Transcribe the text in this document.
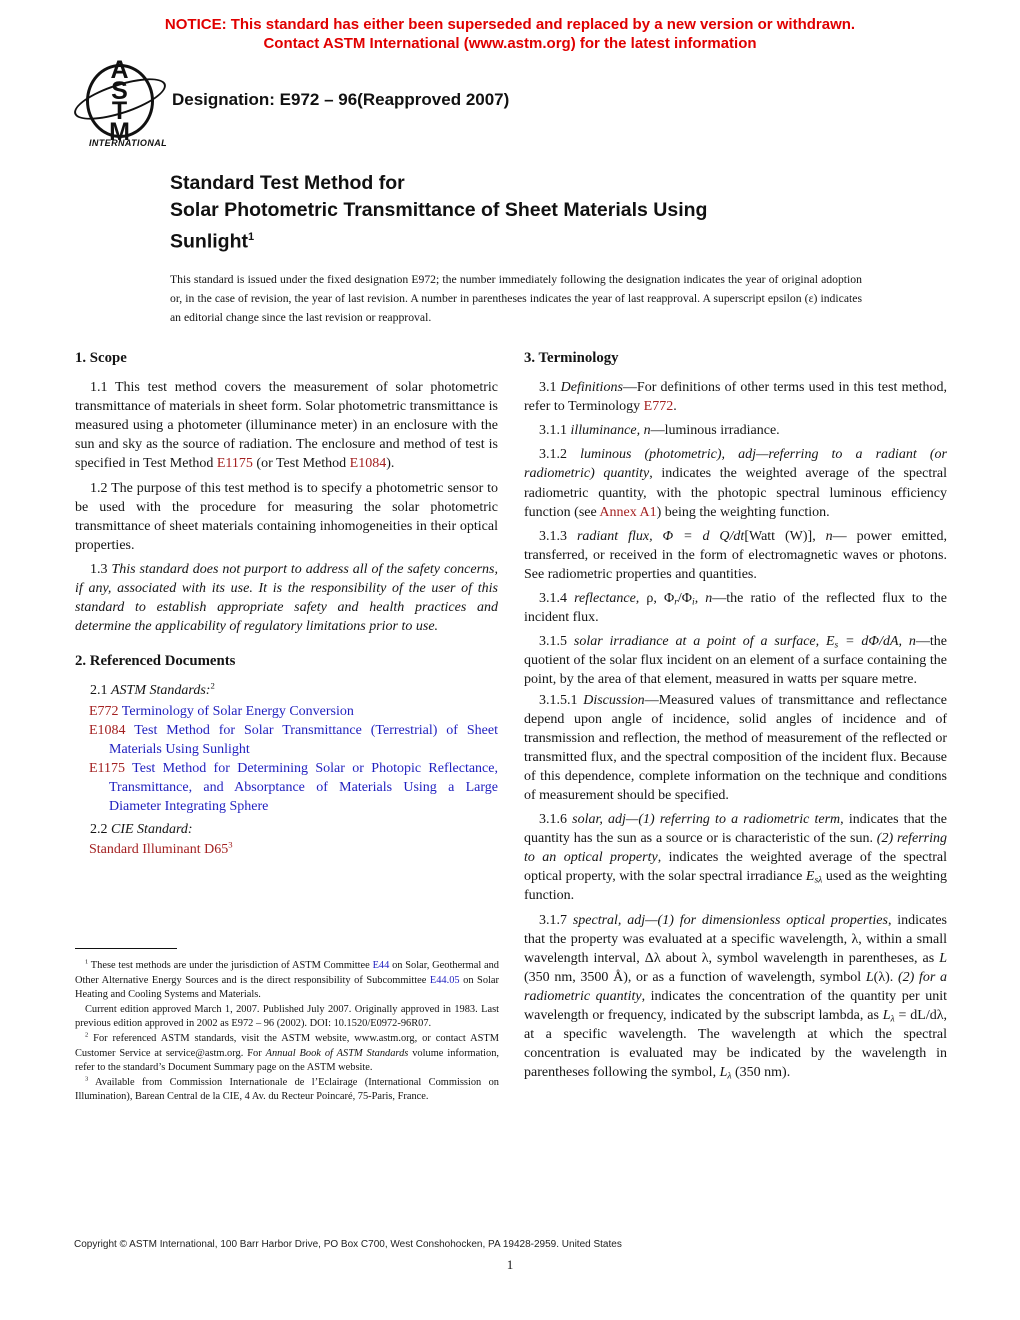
NOTICE: This standard has either been superseded and replaced by a new version or withdrawn.
Contact ASTM International (www.astm.org) for the latest information
ASTM
INTERNATIONAL
Designation: E972 – 96(Reapproved 2007)
Standard Test Method for
Solar Photometric Transmittance of Sheet Materials Using
Sunlight$^1$
This standard is issued under the fixed designation E972; the number immediately following the designation indicates the year of original adoption or, in the case of revision, the year of last revision. A number in parentheses indicates the year of last reapproval. A superscript epsilon (ε) indicates an editorial change since the last revision or reapproval.
1. Scope

1.1 This test method covers the measurement of solar photometric transmittance of materials in sheet form. Solar photometric transmittance is measured using a photometer (illuminance meter) in an enclosure with the sun and sky as the source of radiation. The enclosure and method of test is specified in Test Method E1175 (or Test Method E1084).

1.2 The purpose of this test method is to specify a photometric sensor to be used with the procedure for measuring the solar photometric transmittance of sheet materials containing inhomogeneities in their optical properties.

1.3 This standard does not purport to address all of the safety concerns, if any, associated with its use. It is the responsibility of the user of this standard to establish appropriate safety and health practices and determine the applicability of regulatory limitations prior to use.

2. Referenced Documents

2.1 ASTM Standards:$^2$

E772 Terminology of Solar Energy Conversion

E1084 Test Method for Solar Transmittance (Terrestrial) of Sheet Materials Using Sunlight

E1175 Test Method for Determining Solar or Photopic Reflectance, Transmittance, and Absorptance of Materials Using a Large Diameter Integrating Sphere

2.2 CIE Standard:

Standard Illuminant $D65^3$

3. Terminology

3.1 Definitions—For definitions of other terms used in this test method, refer to Terminology E772.

3.1.1 illuminance, n—luminous irradiance.

3.1.2 luminous (photometric), adj—referring to a radiant (or radiometric) quantity, indicates the weighted average of the spectral radiometric quantity, with the photopic spectral luminous efficiency function (see Annex A1) being the weighting function.

3.1.3 radiant flux, Φ = d Q/dt[Watt (W)], n— power emitted, transferred, or received in the form of electromagnetic waves or photons. See radiometric properties and quantities.

3.1.4 reflectance, ρ, Φr/Φi, n—the ratio of the reflected flux to the incident flux.

3.1.5 solar irradiance at a point of a surface, Es = dΦ/dA, n—the quotient of the solar flux incident on an element of a surface containing the point, by the area of that element, measured in watts per square metre.

3.1.5.1 Discussion—Measured values of transmittance and reflectance depend upon angle of incidence, solid angles of incidence and of transmission and reflection, the method of measurement of the reflected or transmitted flux, and the spectral composition of the incident flux. Because of this dependence, complete information on the technique and conditions of measurement should be specified.

3.1.6 solar, adj—(1) referring to a radiometric term, indicates that the quantity has the sun as a source or is characteristic of the sun. (2) referring to an optical property, indicates the weighted average of the spectral optical property, with the solar spectral irradiance Esλ used as the weighting function.

3.1.7 spectral, adj—(1) for dimensionless optical properties, indicates that the property was evaluated at a specific wavelength, λ, within a small wavelength interval, Δλ about λ, symbol wavelength in parentheses, as L (350 nm, 3500 Å), or as a function of wavelength, symbol L(λ). (2) for a radiometric quantity, indicates the concentration of the quantity per unit wavelength or frequency, indicated by the subscript lambda, as Lλ = dL/dλ, at a specific wavelength. The wavelength at which the spectral concentration is evaluated may be indicated by the wavelength in parentheses following the symbol, Lλ (350 nm).

$^1$ These test methods are under the jurisdiction of ASTM Committee E44 on Solar, Geothermal and Other Alternative Energy Sources and is the direct responsibility of Subcommittee E44.05 on Solar Heating and Cooling Systems and Materials.

Current edition approved March 1, 2007. Published July 2007. Originally approved in 1983. Last previous edition approved in 2002 as E972 – 96 (2002). DOI: 10.1520/E0972-96R07.

$^2$ For referenced ASTM standards, visit the ASTM website, www.astm.org, or contact ASTM Customer Service at service@astm.org. For Annual Book of ASTM Standards volume information, refer to the standard’s Document Summary page on the ASTM website.

$^3$ Available from Commission Internationale de l’Eclairage (International Commission on Illumination), Barean Central de la CIE, 4 Av. du Recteur Poincaré, 75-Paris, France.

Copyright © ASTM International, 100 Barr Harbor Drive, PO Box C700, West Conshohocken, PA 19428-2959. United States
1
